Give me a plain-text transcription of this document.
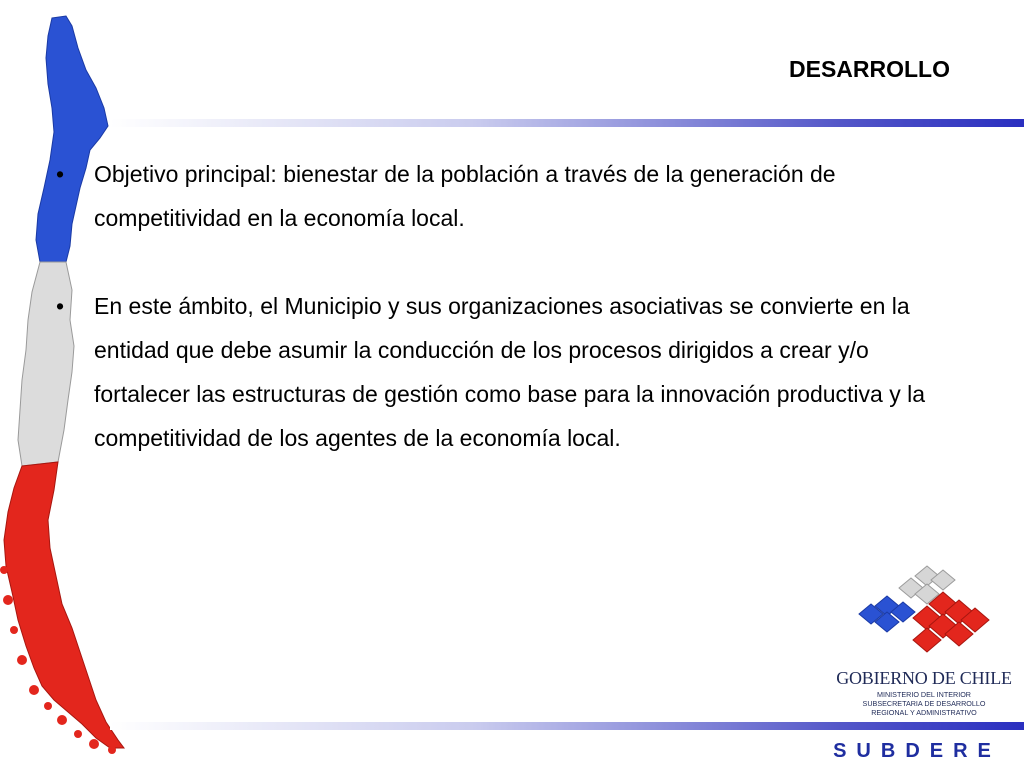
DESARROLLO
•	Objetivo principal: bienestar de la población a través de la generación de competitividad en la economía local.
•	En este ámbito, el Municipio y sus organizaciones asociativas se convierte en la entidad que debe asumir la conducción de los procesos dirigidos a crear y/o fortalecer las estructuras de gestión como base para la innovación productiva y la competitividad de los agentes de la economía local.
GOBIERNO DE CHILE
MINISTERIO DEL INTERIOR
SUBSECRETARIA DE DESARROLLO
REGIONAL Y ADMINISTRATIVO
SUBDERE
